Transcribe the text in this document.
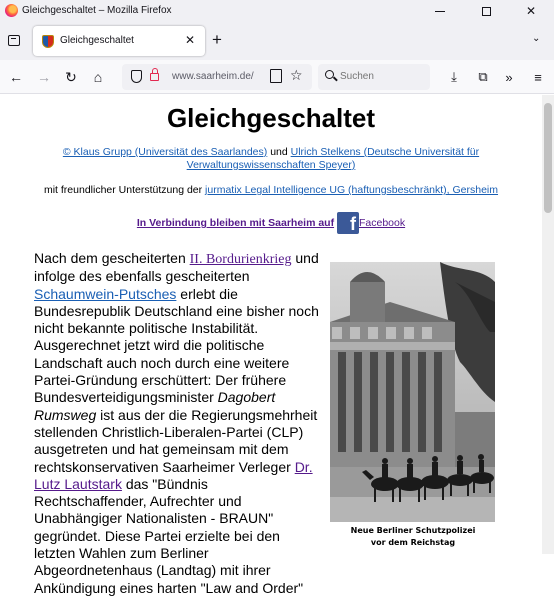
Gleichgeschaltet – Mozilla Firefox	✕
Gleichgeschaltet	✕ +	⌄
← → ↻	⌂	www.saarheim.de/	☆
Suchen	⤓	⧉	»	≡
Gleichgeschaltet
© Klaus Grupp (Universität des Saarlandes) und Ulrich Stelkens (Deutsche Universität für Verwaltungswissenschaften Speyer)
mit freundlicher Unterstützung der jurmatix Legal Intelligence UG (haftungsbeschränkt), Gersheim
In Verbindung bleiben mit Saarheim auf f Facebook
Nach dem gescheiterten II. Bordurienkrieg und infolge des ebenfalls gescheiterten Schaumwein-Putsches erlebt die Bundesrepublik Deutschland eine bisher noch nicht bekannte politische Instabilität. Ausgerechnet jetzt wird die politische Landschaft auch noch durch eine weitere Partei-Gründung erschüttert: Der frühere Bundesverteidigungsminister Dagobert Rumsweg ist aus der die Regierungsmehrheit stellenden Christlich-Liberalen-Partei (CLP) ausgetreten und hat gemeinsam mit dem rechtskonservativen Saarheimer Verleger Dr. Lutz Lautstark das "Bündnis Rechtschaffender, Aufrechter und Unabhängiger Nationalisten - BRAUN" gegründet. Diese Partei erzielte bei den letzten Wahlen zum Berliner Abgeordnetenhaus (Landtag) mit ihrer Ankündigung eines harten "Law and Order"
Neue Berliner Schutzpolizei
vor dem Reichstag
